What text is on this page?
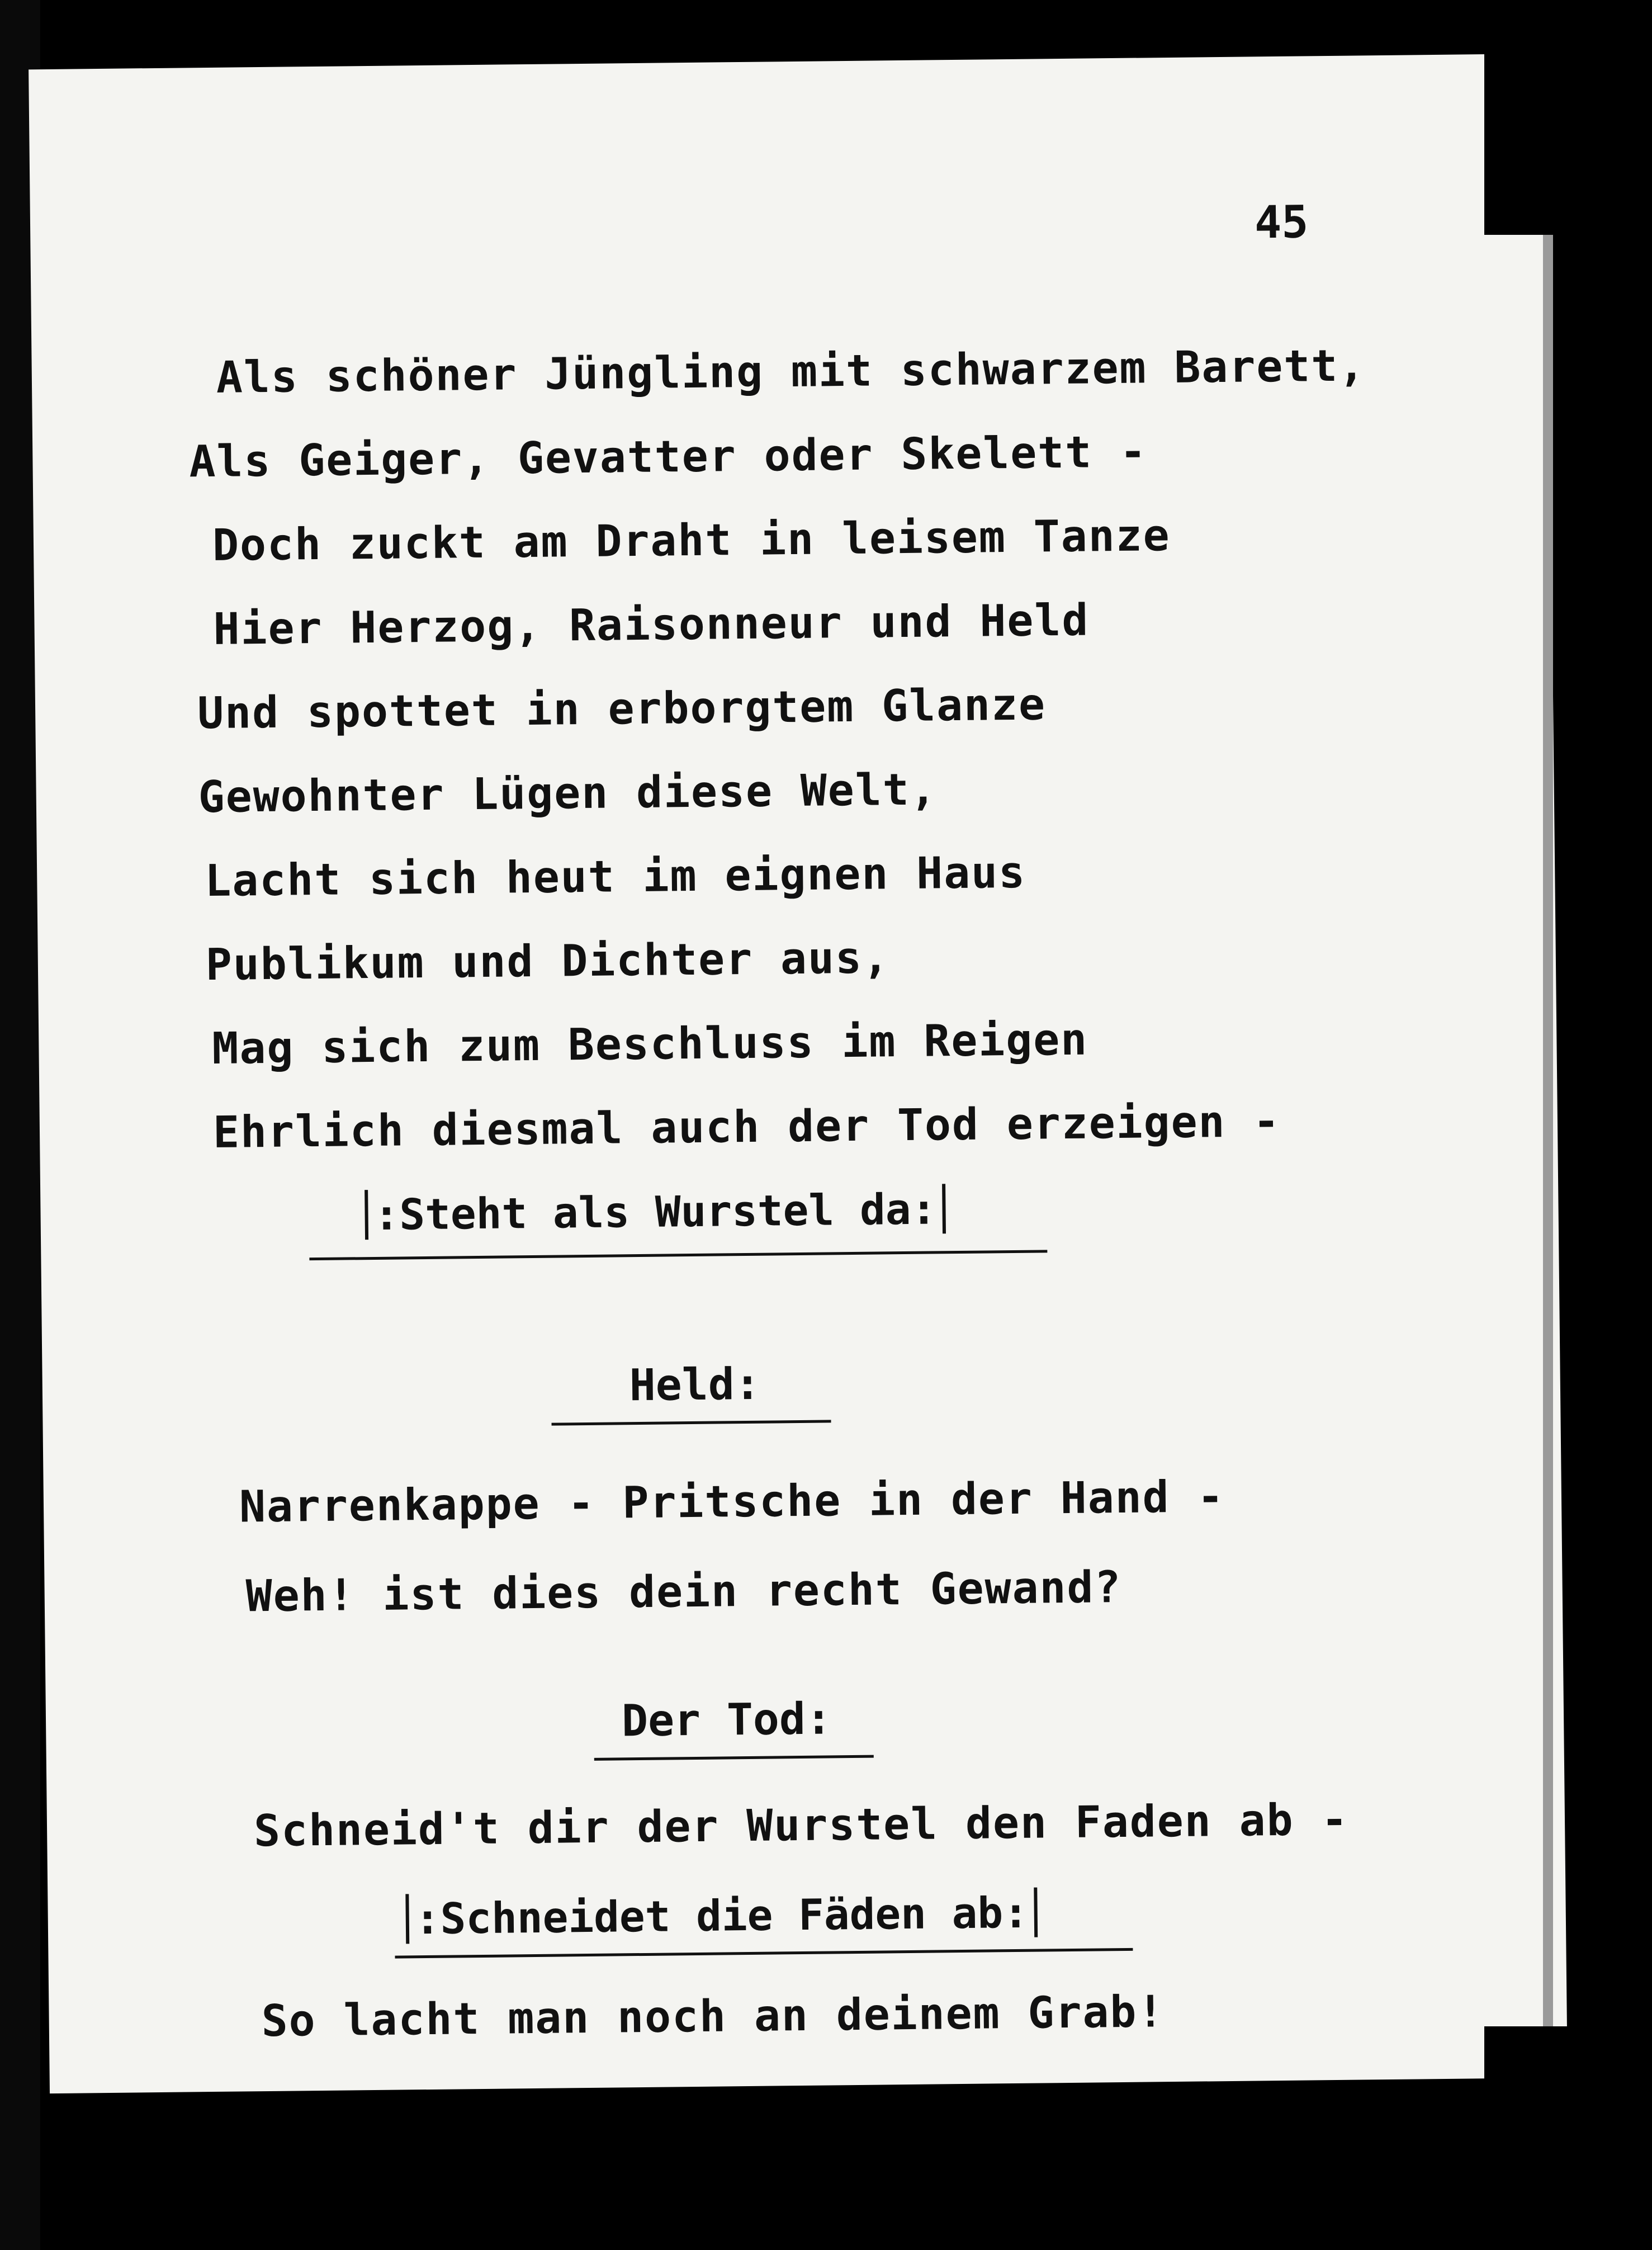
45
Als schöner Jüngling mit schwarzem Barett,
Als Geiger, Gevatter oder Skelett -
Doch zuckt am Draht in leisem Tanze
Hier Herzog, Raisonneur und Held
Und spottet in erborgtem Glanze
Gewohnter Lügen diese Welt,
Lacht sich heut im eignen Haus
Publikum und Dichter aus,
Mag sich zum Beschluss im Reigen
Ehrlich diesmal auch der Tod erzeigen -
:Steht als Wurstel da:
Held:
Narrenkappe - Pritsche in der Hand -
Weh! ist dies dein recht Gewand?
Der Tod:
Schneid't dir der Wurstel den Faden ab -
:Schneidet die Fäden ab:
So lacht man noch an deinem Grab!
